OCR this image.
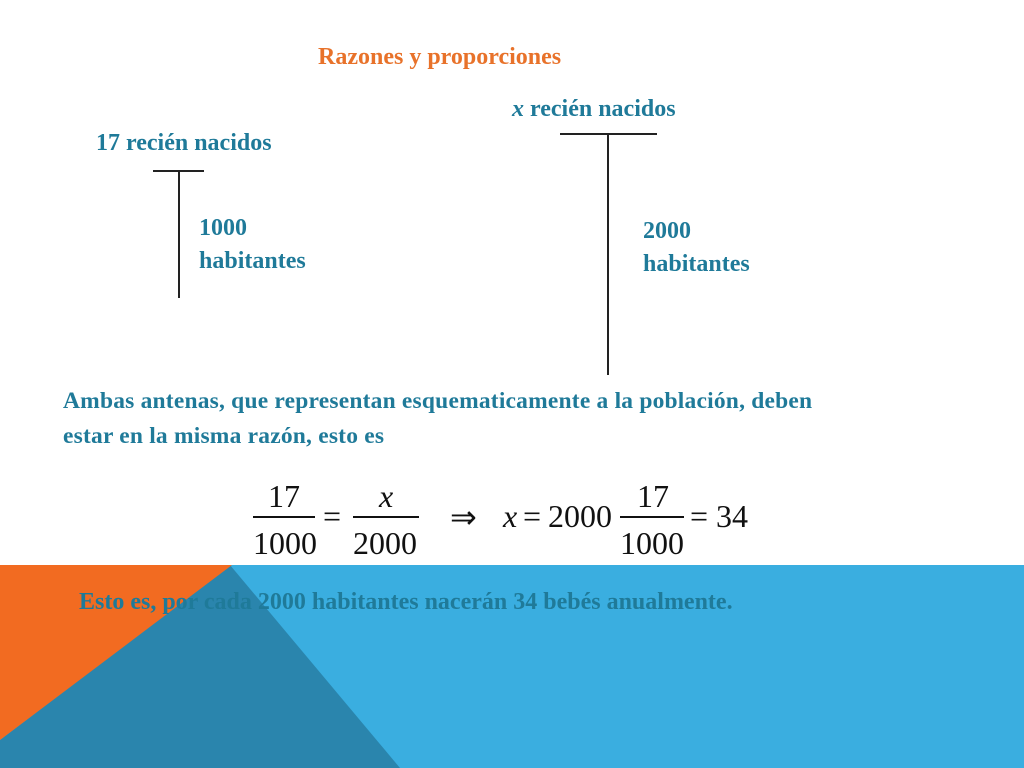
Razones y proporciones
17 recién nacidos
1000
habitantes
x recién nacidos
2000
habitantes
Ambas antenas, que representan esquematicamente a la población, deben
estar en la misma razón, esto es
17
1000
=
x
2000
⇒ x = 2000
17
1000
= 34
Esto es, por cada 2000 habitantes nacerán 34 bebés anualmente.
